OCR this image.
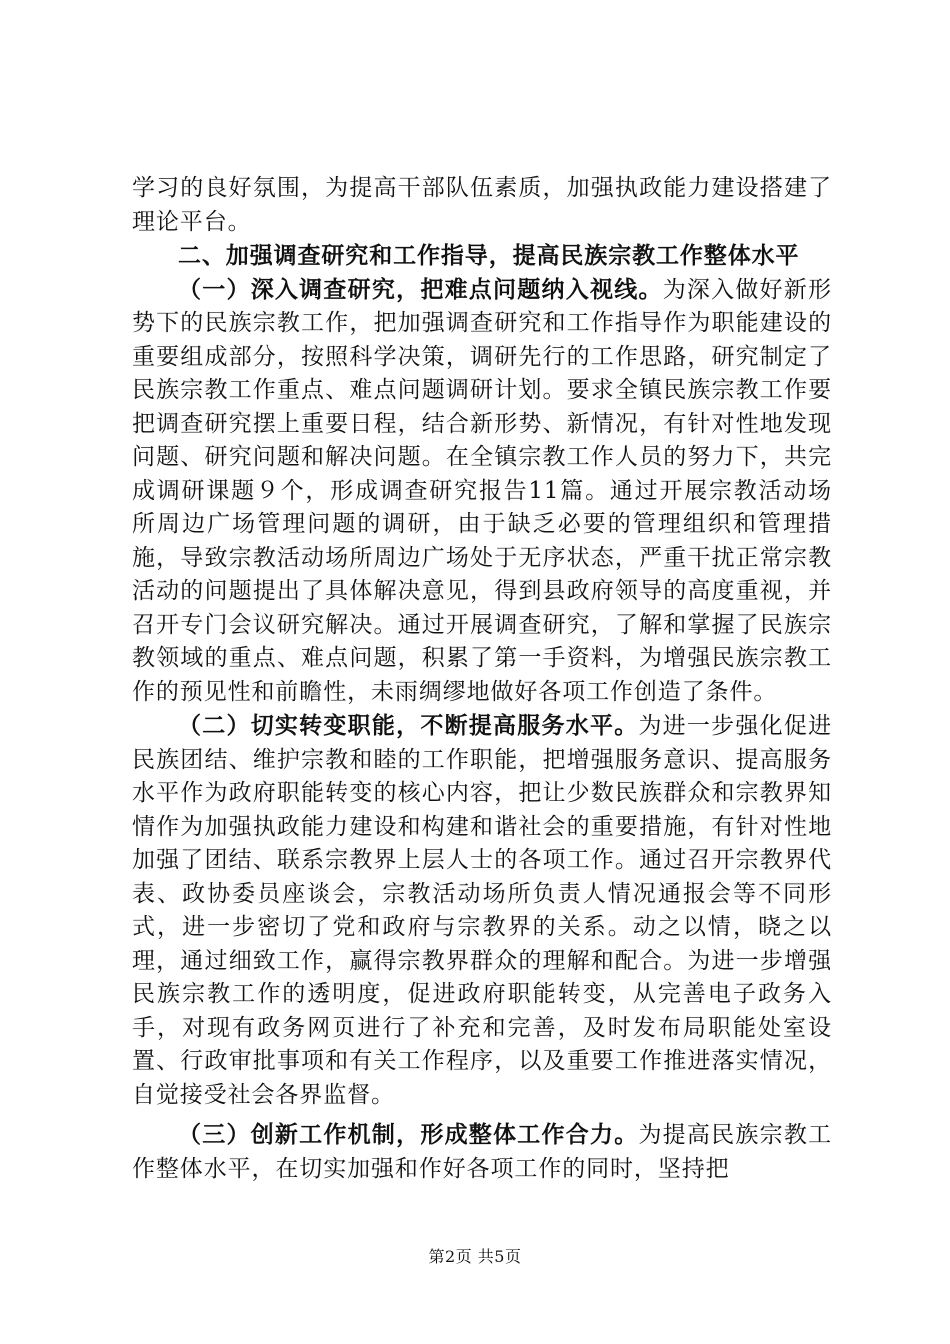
学习的良好氛围，为提高干部队伍素质，加强执政能力建设搭建了理论平台。

二、加强调查研究和工作指导，提高民族宗教工作整体水平

（一）深入调查研究，把难点问题纳入视线。为深入做好新形势下的民族宗教工作，把加强调查研究和工作指导作为职能建设的重要组成部分，按照科学决策，调研先行的工作思路，研究制定了民族宗教工作重点、难点问题调研计划。要求全镇民族宗教工作要把调查研究摆上重要日程，结合新形势、新情况，有针对性地发现问题、研究问题和解决问题。在全镇宗教工作人员的努力下，共完成调研课题９个，形成调查研究报告11篇。通过开展宗教活动场所周边广场管理问题的调研，由于缺乏必要的管理组织和管理措施，导致宗教活动场所周边广场处于无序状态，严重干扰正常宗教活动的问题提出了具体解决意见，得到县政府领导的高度重视，并召开专门会议研究解决。通过开展调查研究，了解和掌握了民族宗教领域的重点、难点问题，积累了第一手资料，为增强民族宗教工作的预见性和前瞻性，未雨绸缪地做好各项工作创造了条件。

（二）切实转变职能，不断提高服务水平。为进一步强化促进民族团结、维护宗教和睦的工作职能，把增强服务意识、提高服务水平作为政府职能转变的核心内容，把让少数民族群众和宗教界知情作为加强执政能力建设和构建和谐社会的重要措施，有针对性地加强了团结、联系宗教界上层人士的各项工作。通过召开宗教界代表、政协委员座谈会，宗教活动场所负责人情况通报会等不同形式，进一步密切了党和政府与宗教界的关系。动之以情，晓之以理，通过细致工作，赢得宗教界群众的理解和配合。为进一步增强民族宗教工作的透明度，促进政府职能转变，从完善电子政务入手，对现有政务网页进行了补充和完善，及时发布局职能处室设置、行政审批事项和有关工作程序，以及重要工作推进落实情况，自觉接受社会各界监督。

（三）创新工作机制，形成整体工作合力。为提高民族宗教工作整体水平，在切实加强和作好各项工作的同时，坚持把

第2页 共5页
